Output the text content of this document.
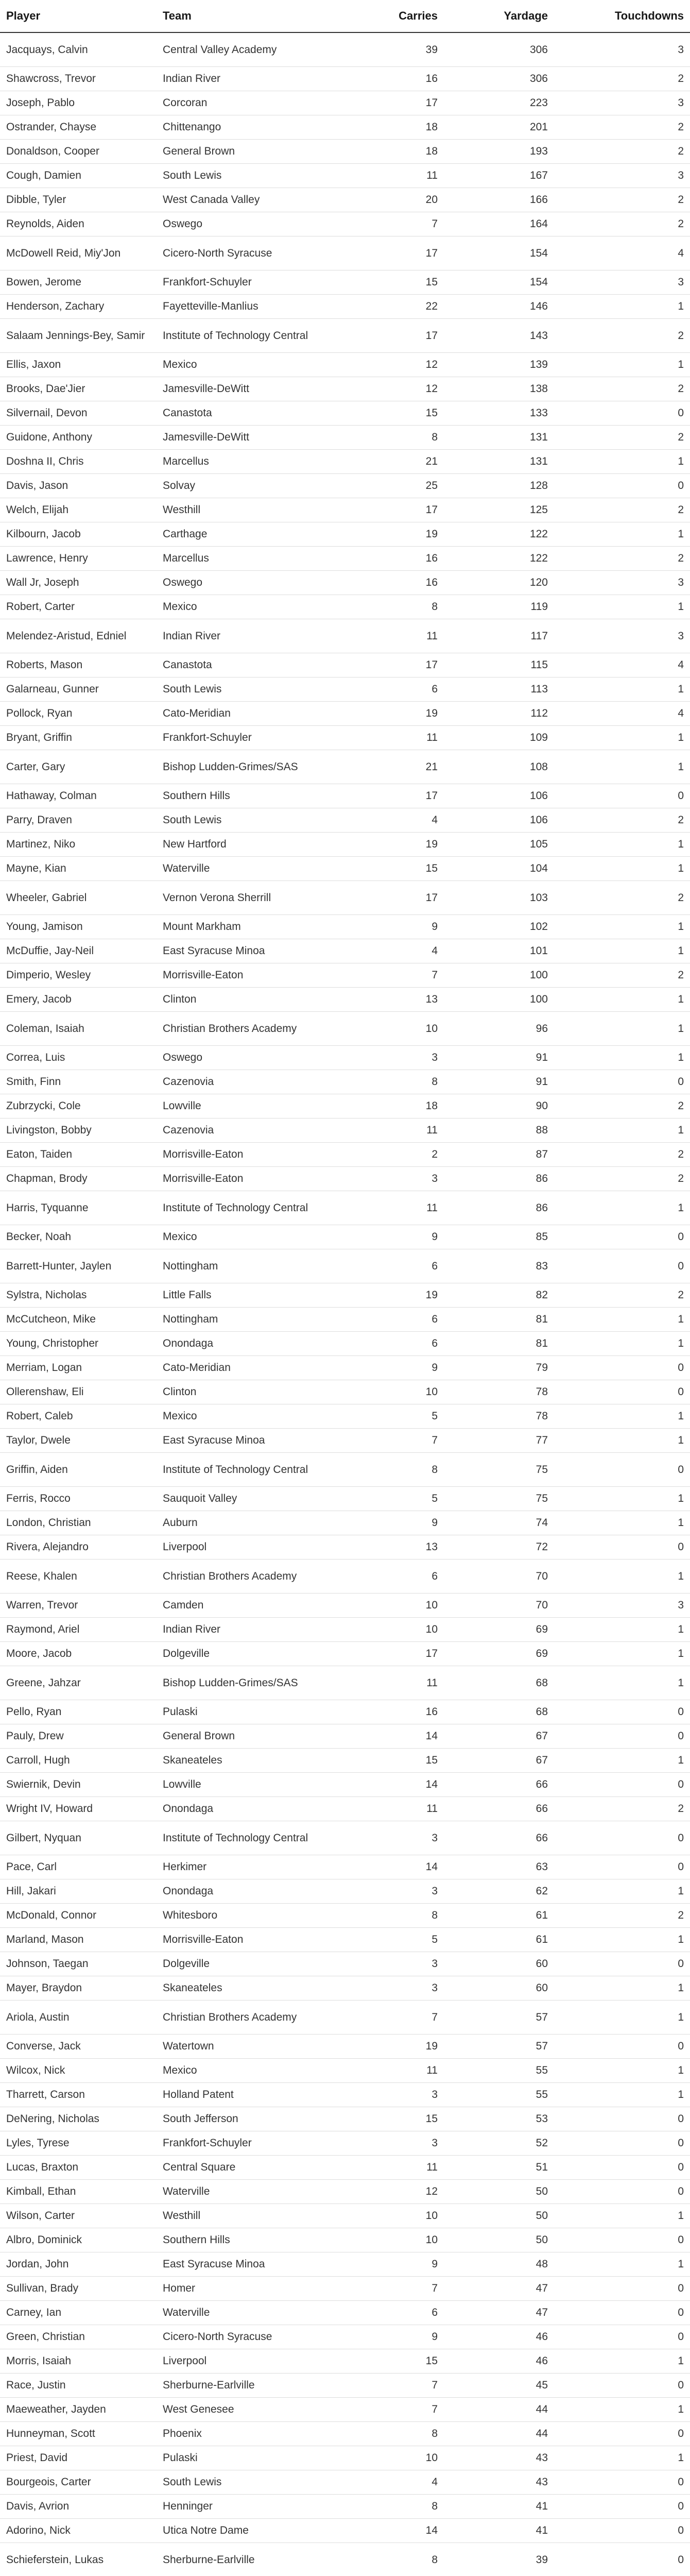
Player	Team	Carries	Yardage	Touchdowns
Jacquays, Calvin	Central Valley Academy	39	306	3
Shawcross, Trevor	Indian River	16	306	2
Joseph, Pablo	Corcoran	17	223	3
Ostrander, Chayse	Chittenango	18	201	2
Donaldson, Cooper	General Brown	18	193	2
Cough, Damien	South Lewis	11	167	3
Dibble, Tyler	West Canada Valley	20	166	2
Reynolds, Aiden	Oswego	7	164	2
McDowell Reid, Miy'Jon	Cicero-North Syracuse	17	154	4
Bowen, Jerome	Frankfort-Schuyler	15	154	3
Henderson, Zachary	Fayetteville-Manlius	22	146	1
Salaam Jennings-Bey, Samir	Institute of Technology Central	17	143	2
Ellis, Jaxon	Mexico	12	139	1
Brooks, Dae'Jier	Jamesville-DeWitt	12	138	2
Silvernail, Devon	Canastota	15	133	0
Guidone, Anthony	Jamesville-DeWitt	8	131	2
Doshna II, Chris	Marcellus	21	131	1
Davis, Jason	Solvay	25	128	0
Welch, Elijah	Westhill	17	125	2
Kilbourn, Jacob	Carthage	19	122	1
Lawrence, Henry	Marcellus	16	122	2
Wall Jr, Joseph	Oswego	16	120	3
Robert, Carter	Mexico	8	119	1
Melendez-Aristud, Edniel	Indian River	11	117	3
Roberts, Mason	Canastota	17	115	4
Galarneau, Gunner	South Lewis	6	113	1
Pollock, Ryan	Cato-Meridian	19	112	4
Bryant, Griffin	Frankfort-Schuyler	11	109	1
Carter, Gary	Bishop Ludden-Grimes/SAS	21	108	1
Hathaway, Colman	Southern Hills	17	106	0
Parry, Draven	South Lewis	4	106	2
Martinez, Niko	New Hartford	19	105	1
Mayne, Kian	Waterville	15	104	1
Wheeler, Gabriel	Vernon Verona Sherrill	17	103	2
Young, Jamison	Mount Markham	9	102	1
McDuffie, Jay-Neil	East Syracuse Minoa	4	101	1
Dimperio, Wesley	Morrisville-Eaton	7	100	2
Emery, Jacob	Clinton	13	100	1
Coleman, Isaiah	Christian Brothers Academy	10	96	1
Correa, Luis	Oswego	3	91	1
Smith, Finn	Cazenovia	8	91	0
Zubrzycki, Cole	Lowville	18	90	2
Livingston, Bobby	Cazenovia	11	88	1
Eaton, Taiden	Morrisville-Eaton	2	87	2
Chapman, Brody	Morrisville-Eaton	3	86	2
Harris, Tyquanne	Institute of Technology Central	11	86	1
Becker, Noah	Mexico	9	85	0
Barrett-Hunter, Jaylen	Nottingham	6	83	0
Sylstra, Nicholas	Little Falls	19	82	2
McCutcheon, Mike	Nottingham	6	81	1
Young, Christopher	Onondaga	6	81	1
Merriam, Logan	Cato-Meridian	9	79	0
Ollerenshaw, Eli	Clinton	10	78	0
Robert, Caleb	Mexico	5	78	1
Taylor, Dwele	East Syracuse Minoa	7	77	1
Griffin, Aiden	Institute of Technology Central	8	75	0
Ferris, Rocco	Sauquoit Valley	5	75	1
London, Christian	Auburn	9	74	1
Rivera, Alejandro	Liverpool	13	72	0
Reese, Khalen	Christian Brothers Academy	6	70	1
Warren, Trevor	Camden	10	70	3
Raymond, Ariel	Indian River	10	69	1
Moore, Jacob	Dolgeville	17	69	1
Greene, Jahzar	Bishop Ludden-Grimes/SAS	11	68	1
Pello, Ryan	Pulaski	16	68	0
Pauly, Drew	General Brown	14	67	0
Carroll, Hugh	Skaneateles	15	67	1
Swiernik, Devin	Lowville	14	66	0
Wright IV, Howard	Onondaga	11	66	2
Gilbert, Nyquan	Institute of Technology Central	3	66	0
Pace, Carl	Herkimer	14	63	0
Hill, Jakari	Onondaga	3	62	1
McDonald, Connor	Whitesboro	8	61	2
Marland, Mason	Morrisville-Eaton	5	61	1
Johnson, Taegan	Dolgeville	3	60	0
Mayer, Braydon	Skaneateles	3	60	1
Ariola, Austin	Christian Brothers Academy	7	57	1
Converse, Jack	Watertown	19	57	0
Wilcox, Nick	Mexico	11	55	1
Tharrett, Carson	Holland Patent	3	55	1
DeNering, Nicholas	South Jefferson	15	53	0
Lyles, Tyrese	Frankfort-Schuyler	3	52	0
Lucas, Braxton	Central Square	11	51	0
Kimball, Ethan	Waterville	12	50	0
Wilson, Carter	Westhill	10	50	1
Albro, Dominick	Southern Hills	10	50	0
Jordan, John	East Syracuse Minoa	9	48	1
Sullivan, Brady	Homer	7	47	0
Carney, Ian	Waterville	6	47	0
Green, Christian	Cicero-North Syracuse	9	46	0
Morris, Isaiah	Liverpool	15	46	1
Race, Justin	Sherburne-Earlville	7	45	0
Maeweather, Jayden	West Genesee	7	44	1
Hunneyman, Scott	Phoenix	8	44	0
Priest, David	Pulaski	10	43	1
Bourgeois, Carter	South Lewis	4	43	0
Davis, Avrion	Henninger	8	41	0
Adorino, Nick	Utica Notre Dame	14	41	0
Schieferstein, Lukas	Sherburne-Earlville	8	39	0
